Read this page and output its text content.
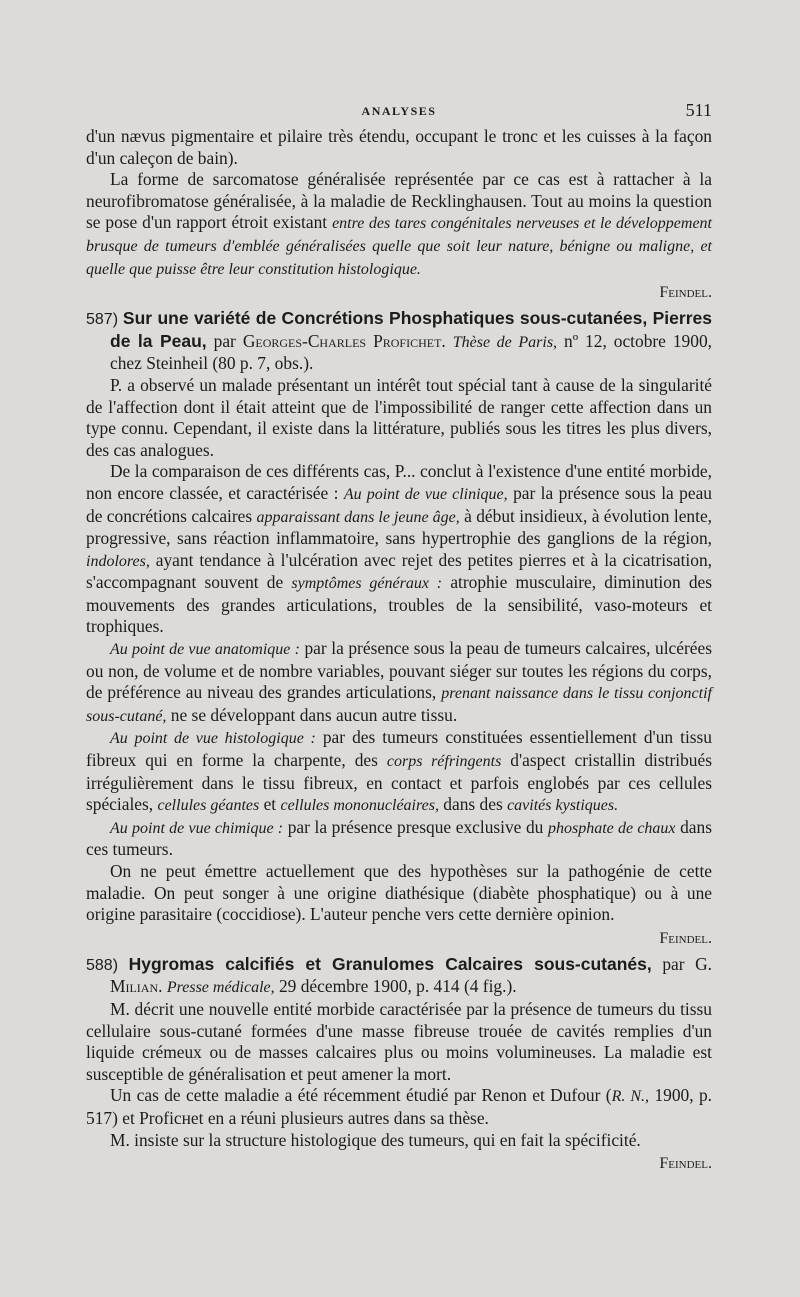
ANALYSES	511

d'un nævus pigmentaire et pilaire très étendu, occupant le tronc et les cuisses à la façon d'un caleçon de bain).

La forme de sarcomatose généralisée représentée par ce cas est à rattacher à la neurofibromatose généralisée, à la maladie de Recklinghausen. Tout au moins la question se pose d'un rapport étroit existant entre des tares congénitales nerveuses et le développement brusque de tumeurs d'emblée généralisées quelle que soit leur nature, bénigne ou maligne, et quelle que puisse être leur constitution histologique.

Feindel.

587) Sur une variété de Concrétions Phosphatiques sous-cutanées, Pierres de la Peau, par Georges-Charles Proficнet. Thèse de Paris, nº 12, octobre 1900, chez Steinheil (80 p. 7, obs.).

P. a observé un malade présentant un intérêt tout spécial tant à cause de la singularité de l'affection dont il était atteint que de l'impossibilité de ranger cette affection dans un type connu. Cependant, il existe dans la littérature, publiés sous les titres les plus divers, des cas analogues.

De la comparaison de ces différents cas, P... conclut à l'existence d'une entité morbide, non encore classée, et caractérisée : Au point de vue clinique, par la présence sous la peau de concrétions calcaires apparaissant dans le jeune âge, à début insidieux, à évolution lente, progressive, sans réaction inflammatoire, sans hypertrophie des ganglions de la région, indolores, ayant tendance à l'ulcération avec rejet des petites pierres et à la cicatrisation, s'accompagnant souvent de symptômes généraux : atrophie musculaire, diminution des mouvements des grandes articulations, troubles de la sensibilité, vaso-moteurs et trophiques.

Au point de vue anatomique : par la présence sous la peau de tumeurs calcaires, ulcérées ou non, de volume et de nombre variables, pouvant siéger sur toutes les régions du corps, de préférence au niveau des grandes articulations, prenant naissance dans le tissu conjonctif sous-cutané, ne se développant dans aucun autre tissu.

Au point de vue histologique : par des tumeurs constituées essentiellement d'un tissu fibreux qui en forme la charpente, des corps réfringents d'aspect cristallin distribués irrégulièrement dans le tissu fibreux, en contact et parfois englobés par ces cellules spéciales, cellules géantes et cellules mononucléaires, dans des cavités kystiques.

Au point de vue chimique : par la présence presque exclusive du phosphate de chaux dans ces tumeurs.

On ne peut émettre actuellement que des hypothèses sur la pathogénie de cette maladie. On peut songer à une origine diathésique (diabète phosphatique) ou à une origine parasitaire (coccidiose). L'auteur penche vers cette dernière opinion.

Feindel.

588) Hygromas calcifiés et Granulomes Calcaires sous-cutanés, par G. Milian. Presse médicale, 29 décembre 1900, p. 414 (4 fig.).

M. décrit une nouvelle entité morbide caractérisée par la présence de tumeurs du tissu cellulaire sous-cutané formées d'une masse fibreuse trouée de cavités remplies d'un liquide crémeux ou de masses calcaires plus ou moins volumineuses. La maladie est susceptible de généralisation et peut amener la mort.

Un cas de cette maladie a été récemment étudié par Renon et Dufour (R. N., 1900, p. 517) et Proficнet en a réuni plusieurs autres dans sa thèse.

M. insiste sur la structure histologique des tumeurs, qui en fait la spécificité.

Feindel.
